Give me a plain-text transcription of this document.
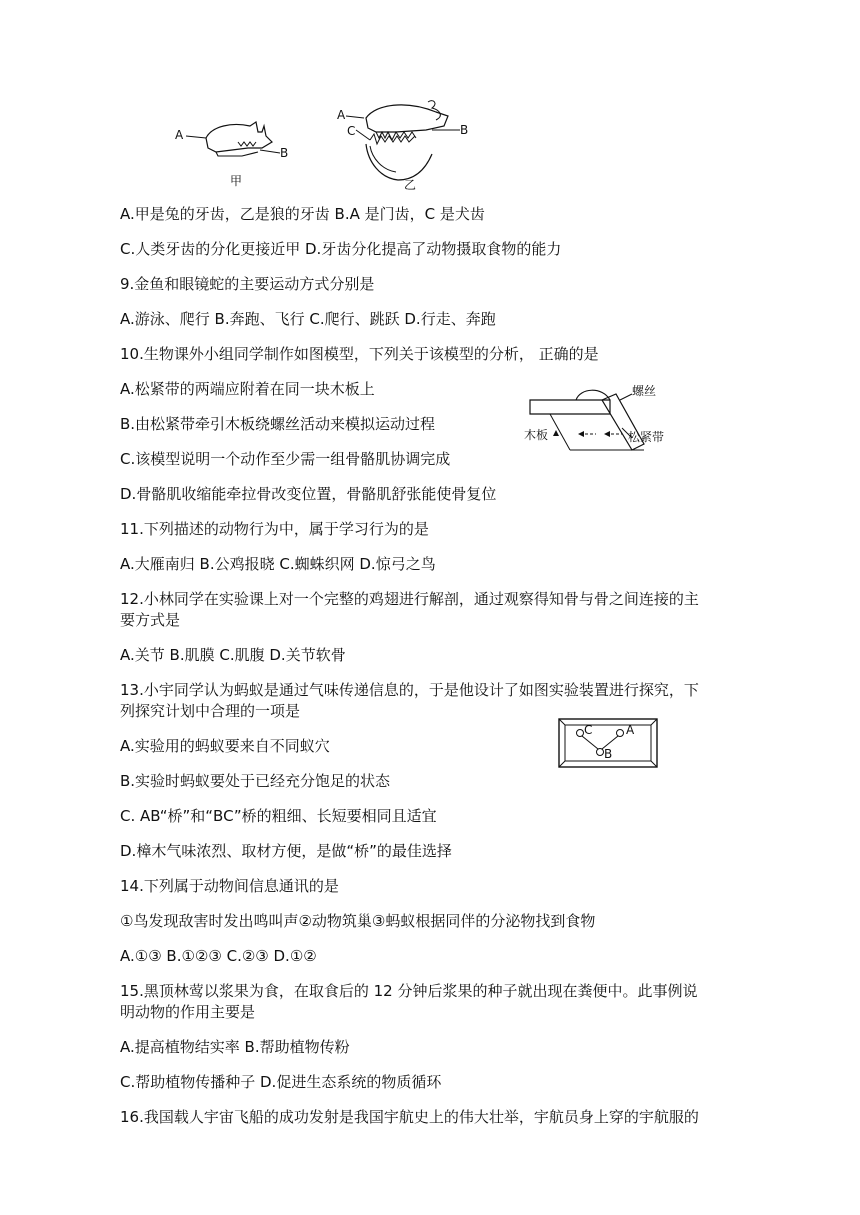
A
B
甲
A
B
C
乙
螺丝
木板	松紧带
C	A
B
A.甲是兔的牙齿，乙是狼的牙齿 B.A 是门齿，C 是犬齿
C.人类牙齿的分化更接近甲 D.牙齿分化提高了动物摄取食物的能力
9.金鱼和眼镜蛇的主要运动方式分别是
A.游泳、爬行 B.奔跑、飞行 C.爬行、跳跃 D.行走、奔跑
10.生物课外小组同学制作如图模型，下列关于该模型的分析， 正确的是
A.松紧带的两端应附着在同一块木板上
B.由松紧带牵引木板绕螺丝活动来模拟运动过程
C.该模型说明一个动作至少需一组骨骼肌协调完成
D.骨骼肌收缩能牵拉骨改变位置，骨骼肌舒张能使骨复位
11.下列描述的动物行为中，属于学习行为的是
A.大雁南归 B.公鸡报晓 C.蜘蛛织网 D.惊弓之鸟
12.小林同学在实验课上对一个完整的鸡翅进行解剖，通过观察得知骨与骨之间连接的主
要方式是
A.关节 B.肌膜 C.肌腹 D.关节软骨
13.小宇同学认为蚂蚁是通过气味传递信息的，于是他设计了如图实验装置进行探究，下
列探究计划中合理的一项是
A.实验用的蚂蚁要来自不同蚁穴
B.实验时蚂蚁要处于已经充分饱足的状态
C. AB“桥”和“BC”桥的粗细、长短要相同且适宜
D.樟木气味浓烈、取材方便，是做“桥”的最佳选择
14.下列属于动物间信息通讯的是
①鸟发现敌害时发出鸣叫声②动物筑巢③蚂蚁根据同伴的分泌物找到食物
A.①③ B.①②③ C.②③ D.①②
15.黑顶林莺以浆果为食，在取食后的 12 分钟后浆果的种子就出现在粪便中。此事例说
明动物的作用主要是
A.提高植物结实率 B.帮助植物传粉
C.帮助植物传播种子 D.促进生态系统的物质循环
16.我国载人宇宙飞船的成功发射是我国宇航史上的伟大壮举，宇航员身上穿的宇航服的
